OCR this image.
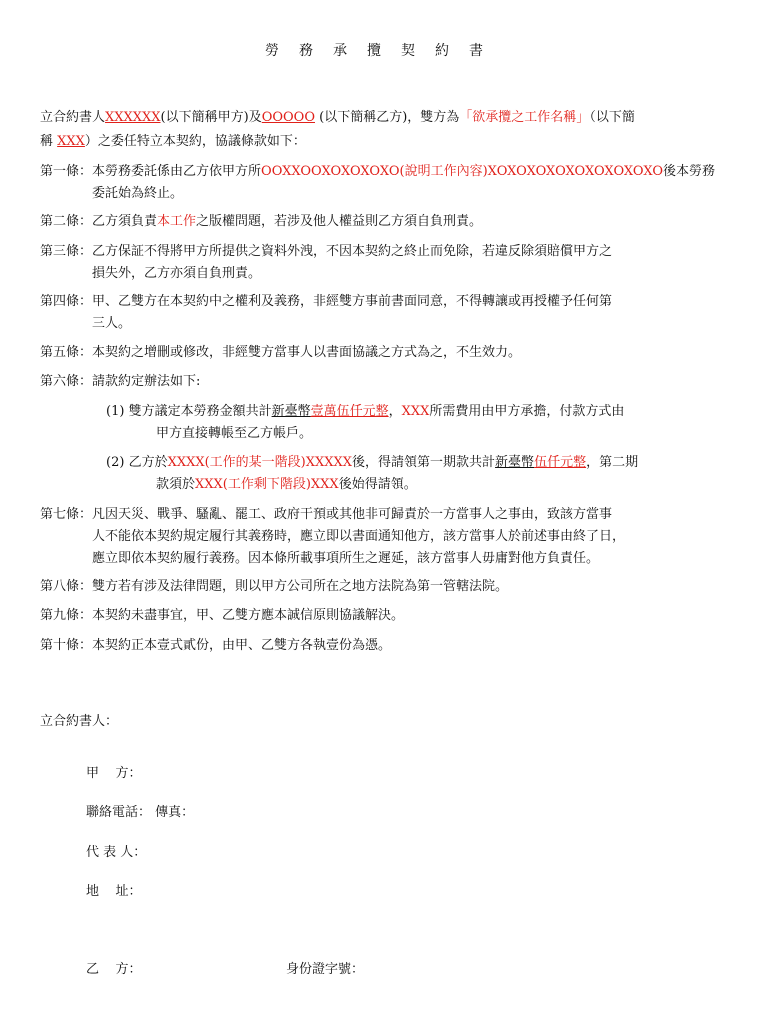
勞務承攬契約書
立合約書人XXXXXX(以下簡稱甲方)及OOOOO (以下簡稱乙方)，雙方為「欲承攬之工作名稱」（以下簡
稱 XXX）之委任特立本契約，協議條款如下：
第一條：本勞務委託係由乙方依甲方所OOXXOOXOXOXOXO(說明工作內容)XOXOXOXOXOXOXOXOXO後本勞務
委託始為終止。
第二條：乙方須負責本工作之版權問題，若涉及他人權益則乙方須自負刑責。
第三條：乙方保証不得將甲方所提供之資料外洩，不因本契約之終止而免除，若違反除須賠償甲方之
損失外，乙方亦須自負刑責。
第四條：甲、乙雙方在本契約中之權利及義務，非經雙方事前書面同意，不得轉讓或再授權予任何第
三人。
第五條：本契約之增刪或修改，非經雙方當事人以書面協議之方式為之，不生效力。
第六條：請款約定辦法如下:
(1) 雙方議定本勞務金額共計新臺幣壹萬伍仟元整，XXX所需費用由甲方承擔，付款方式由
甲方直接轉帳至乙方帳戶。
(2) 乙方於XXXX(工作的某一階段)XXXXX後，得請領第一期款共計新臺幣伍仟元整，第二期
款須於XXX(工作剩下階段)XXX後始得請領。
第七條：凡因天災、戰爭、騷亂、罷工、政府干預或其他非可歸責於一方當事人之事由，致該方當事
人不能依本契約規定履行其義務時，應立即以書面通知他方，該方當事人於前述事由終了日，
應立即依本契約履行義務。因本條所載事項所生之遲延，該方當事人毋庸對他方負責任。
第八條：雙方若有涉及法律問題，則以甲方公司所在之地方法院為第一管轄法院。
第九條：本契約未盡事宜，甲、乙雙方應本誠信原則協議解決。
第十條：本契約正本壹式貳份，由甲、乙雙方各執壹份為憑。
立合約書人：
甲    方：
聯絡電話： 傳真：
代 表 人：
地    址：
乙    方：	身份證字號：
